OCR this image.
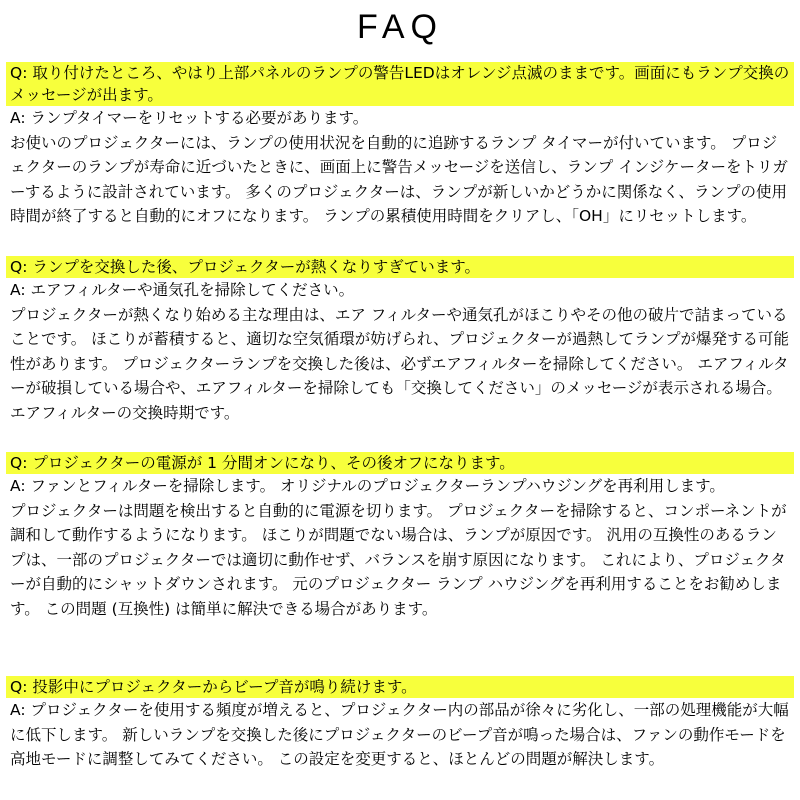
FAQ
Q: 取り付けたところ、やはり上部パネルのランプの警告LEDはオレンジ点滅のままです。画面にもランプ交換のメッセージが出ます。
A: ランプタイマーをリセットする必要があります。
お使いのプロジェクターには、ランプの使用状況を自動的に追跡するランプ タイマーが付いています。 プロジェクターのランプが寿命に近づいたときに、画面上に警告メッセージを送信し、ランプ インジケーターをトリガーするように設計されています。 多くのプロジェクターは、ランプが新しいかどうかに関係なく、ランプの使用時間が終了すると自動的にオフになります。 ランプの累積使用時間をクリアし、「OH」にリセットします。
Q: ランプを交換した後、プロジェクターが熱くなりすぎています。
A: エアフィルターや通気孔を掃除してください。
プロジェクターが熱くなり始める主な理由は、エア フィルターや通気孔がほこりやその他の破片で詰まっていることです。 ほこりが蓄積すると、適切な空気循環が妨げられ、プロジェクターが過熱してランプが爆発する可能性があります。 プロジェクターランプを交換した後は、必ずエアフィルターを掃除してください。 エアフィルターが破損している場合や、エアフィルターを掃除しても「交換してください」のメッセージが表示される場合。 エアフィルターの交換時期です。
Q: プロジェクターの電源が 1 分間オンになり、その後オフになります。
A: ファンとフィルターを掃除します。 オリジナルのプロジェクターランプハウジングを再利用します。
プロジェクターは問題を検出すると自動的に電源を切ります。 プロジェクターを掃除すると、コンポーネントが調和して動作するようになります。 ほこりが問題でない場合は、ランプが原因です。 汎用の互換性のあるランプは、一部のプロジェクターでは適切に動作せず、バランスを崩す原因になります。 これにより、プロジェクターが自動的にシャットダウンされます。 元のプロジェクター ランプ ハウジングを再利用することをお勧めします。 この問題 (互換性) は簡単に解決できる場合があります。
Q: 投影中にプロジェクターからビープ音が鳴り続けます。
A: プロジェクターを使用する頻度が増えると、プロジェクター内の部品が徐々に劣化し、一部の処理機能が大幅に低下します。 新しいランプを交換した後にプロジェクターのビープ音が鳴った場合は、ファンの動作モードを高地モードに調整してみてください。 この設定を変更すると、ほとんどの問題が解決します。
